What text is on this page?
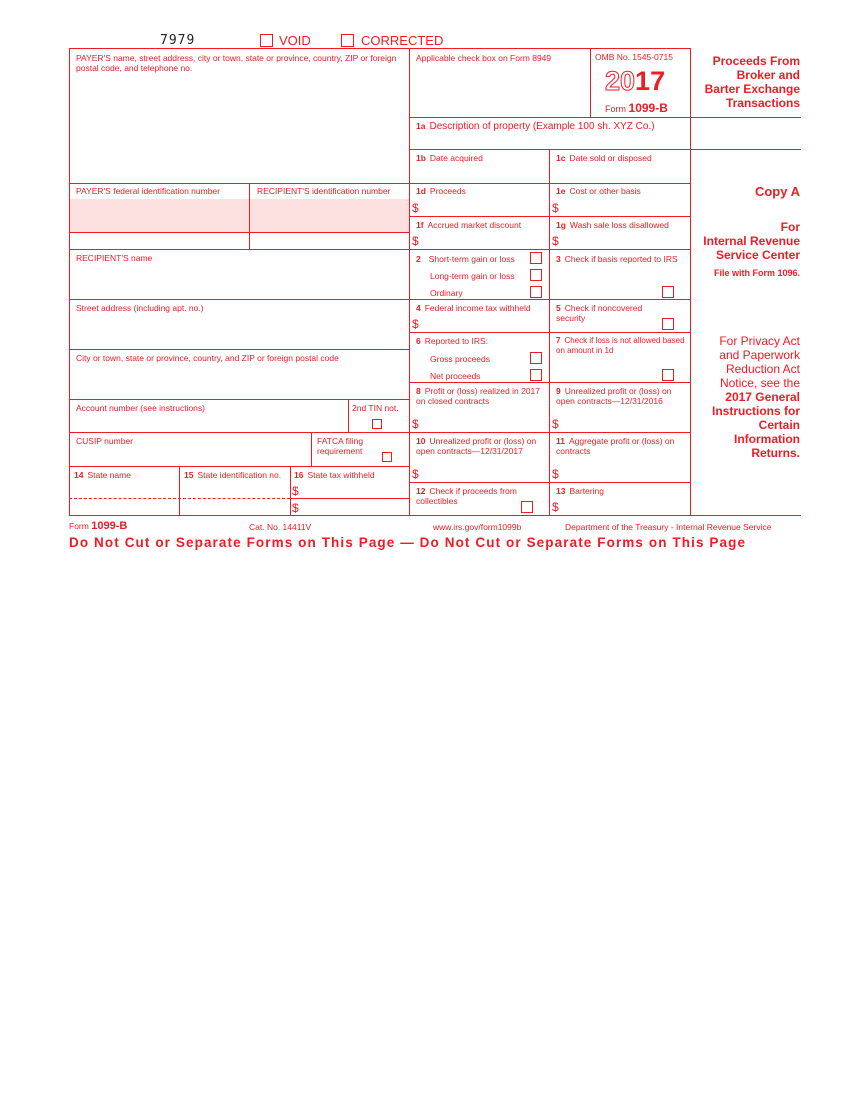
7979	VOID	CORRECTED
PAYER'S name, street address, city or town, state or province, country, ZIP or foreign postal code, and telephone no.
PAYER'S federal identification number	RECIPIENT'S identification number
RECIPIENT'S name
Street address (including apt. no.)
City or town, state or province, country, and ZIP or foreign postal code
Account number (see instructions)	2nd TIN not.
CUSIP number	FATCA filing requirement
14 State name	15 State identification no. 16 State tax withheld
$
$
Applicable check box on Form 8949	OMB No. 1545-0715
2017
Form 1099-B
Proceeds From
Broker and
Barter Exchange
Transactions
1a Description of property (Example 100 sh. XYZ Co.)
1b Date acquired	1c Date sold or disposed
1d Proceeds
$
1e Cost or other basis
$
1f Accrued market discount
$
1g Wash sale loss disallowed
$
2 Short-term gain or loss
Long-term gain or loss
Ordinary
3 Check if basis reported to IRS
4 Federal income tax withheld
$
5 Check if noncovered security
6 Reported to IRS:
Gross proceeds
Net proceeds
7 Check if loss is not allowed based on amount in 1d
8 Profit or (loss) realized in 2017 on closed contracts
$
9 Unrealized profit or (loss) on open contracts—12/31/2016
$
10 Unrealized profit or (loss) on open contracts—12/31/2017
$
11 Aggregate profit or (loss) on contracts
$
12 Check if proceeds from collectibles
13 Bartering
$
Copy A
For
Internal Revenue
Service Center
File with Form 1096.
For Privacy Act
and Paperwork
Reduction Act
Notice, see the
2017 General
Instructions for
Certain
Information
Returns.
Form 1099-B	Cat. No. 14411V	www.irs.gov/form1099b	Department of the Treasury - Internal Revenue Service
Do Not Cut or Separate Forms on This Page — Do Not Cut or Separate Forms on This Page
